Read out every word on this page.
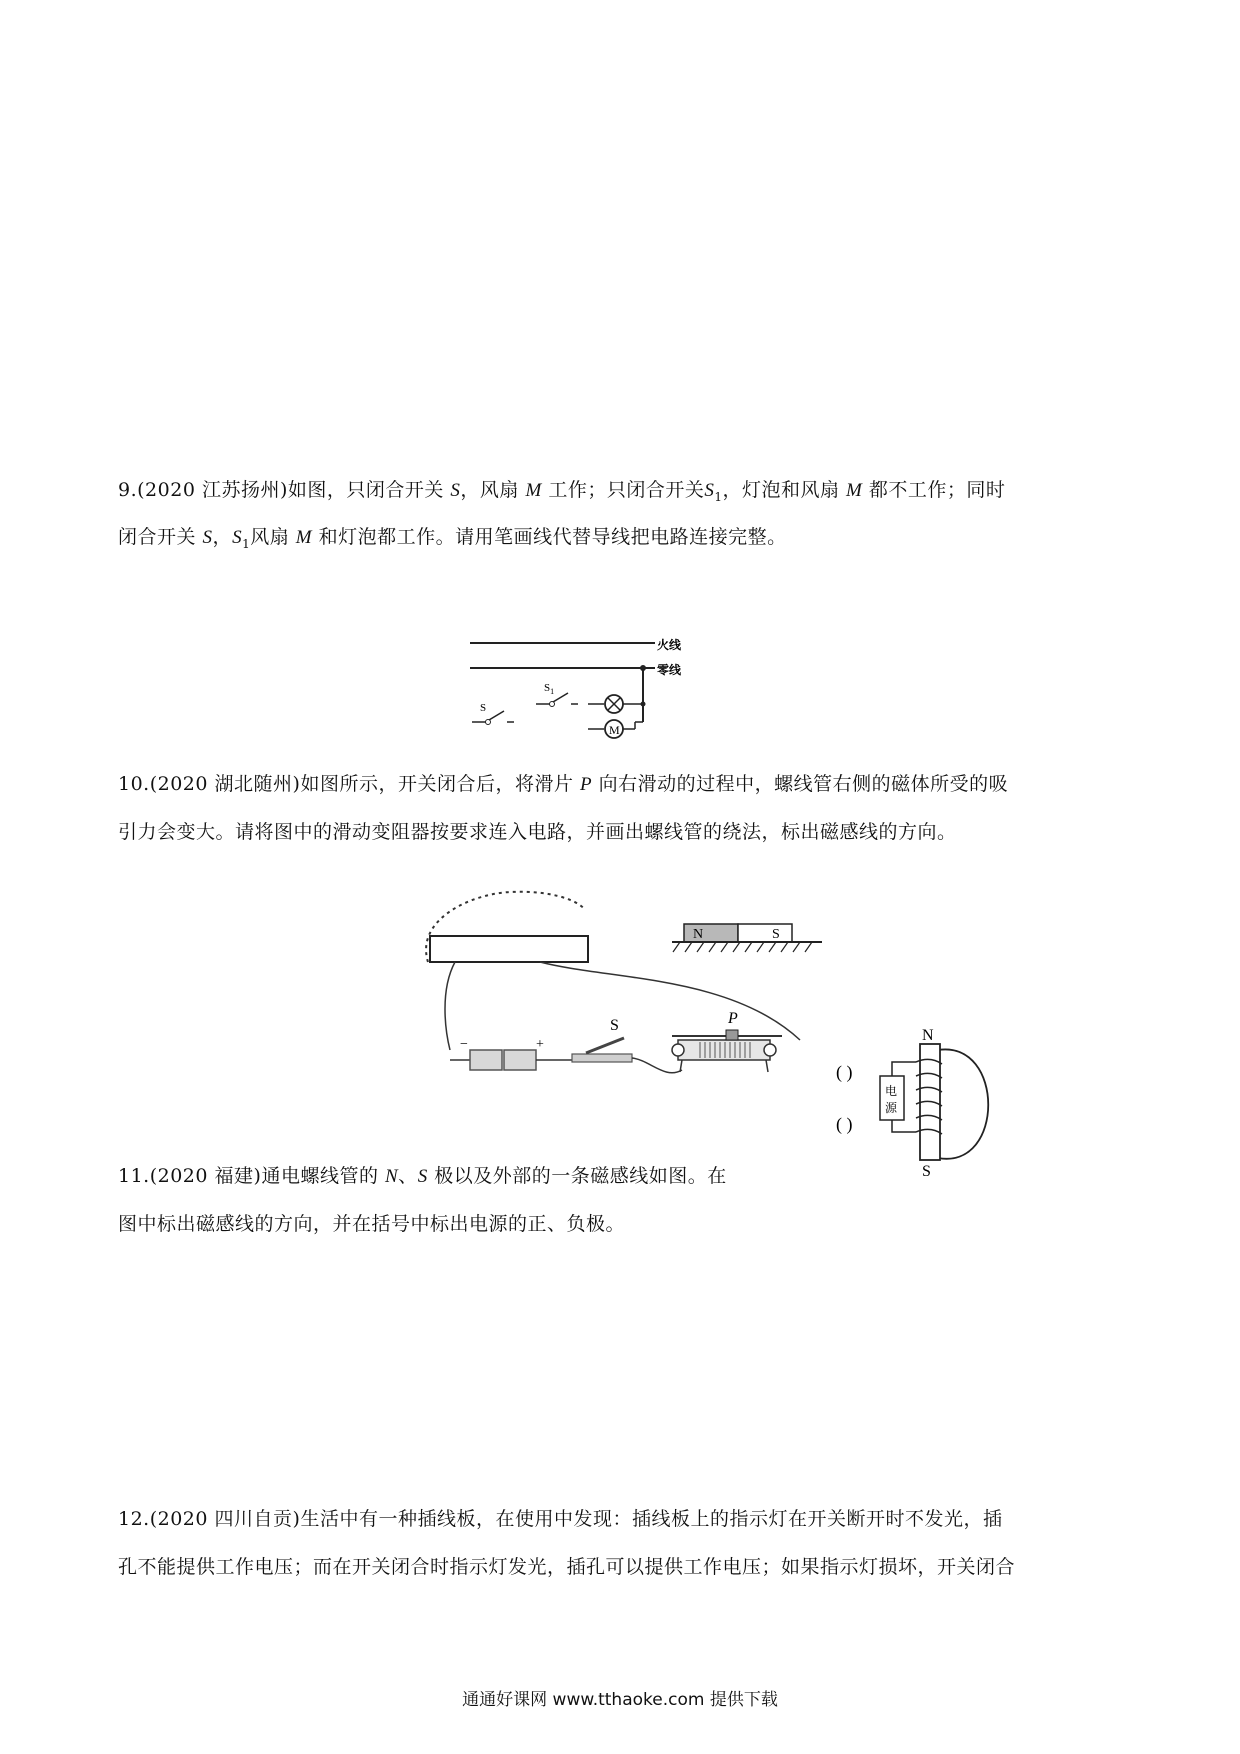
9.(2020 江苏扬州)如图，只闭合开关 S，风扇 M 工作；只闭合开关$S_1$，灯泡和风扇 M 都不工作；同时
闭合开关 S，$S_1$风扇 M 和灯泡都工作。请用笔画线代替导线把电路连接完整。
火线
零线
S
$S_1$
M
10.(2020 湖北随州)如图所示，开关闭合后，将滑片 P 向右滑动的过程中，螺线管右侧的磁体所受的吸
引力会变大。请将图中的滑动变阻器按要求连入电路，并画出螺线管的绕法，标出磁感线的方向。
N	S
−	+
S	P
( )
( )
N
S
电
源
11.(2020 福建)通电螺线管的 N、S 极以及外部的一条磁感线如图。在
图中标出磁感线的方向，并在括号中标出电源的正、负极。
12.(2020 四川自贡)生活中有一种插线板，在使用中发现：插线板上的指示灯在开关断开时不发光，插
孔不能提供工作电压；而在开关闭合时指示灯发光，插孔可以提供工作电压；如果指示灯损坏，开关闭合
通通好课网 www.tthaoke.com 提供下载
